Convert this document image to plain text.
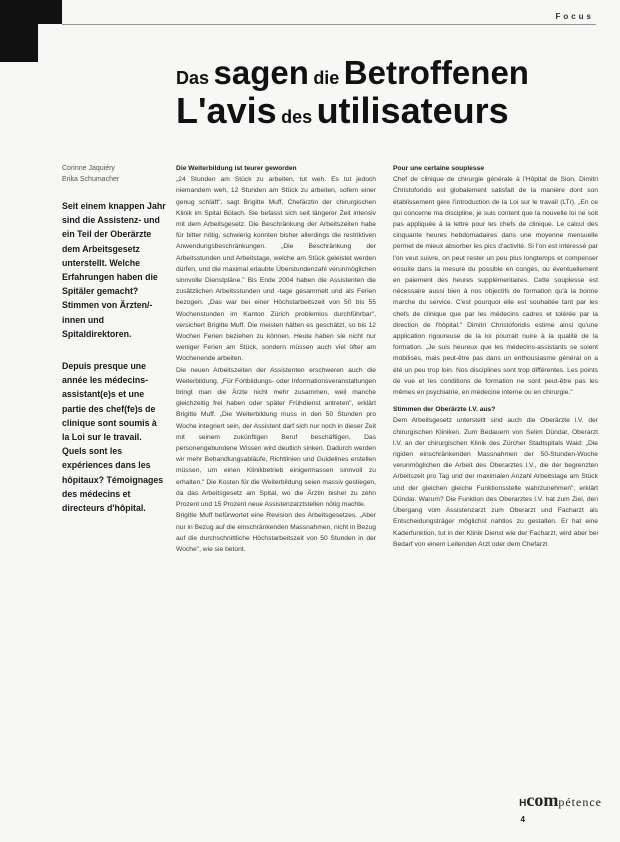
Focus
Das sagen die Betroffenen
L'avis des utilisateurs
Corinne Jaquiéry
Erika Schumacher
Seit einem knappen Jahr sind die Assistenz- und ein Teil der Oberärzte dem Arbeitsgesetz unterstellt. Welche Erfahrungen haben die Spitäler gemacht? Stimmen von Ärzten/-innen und Spitaldirektoren.
Depuis presque une année les médecins-assistant(e)s et une partie des chef(fe)s de clinique sont soumis à la Loi sur le travail. Quels sont les expériences dans les hôpitaux? Témoignages des médecins et directeurs d'hôpital.

Die Weiterbildung ist teurer geworden

„24 Stunden am Stück zu arbeiten, tut weh. Es tut jedoch niemandem weh, 12 Stunden am Stück zu arbeiten, sofern einer genug schläft", sagt Brigitte Muff, Chefärztin der chirurgischen Klinik im Spital Bülach. Sie befasst sich seit längerer Zeit intensiv mit dem Arbeitsgesetz. Die Beschränkung der Arbeitszeiten habe für bitter nötig, schwierig konnten bisher allerdings die restriktiven Anwendungsbeschränkungen. „Die Beschränkung der Arbeitsstunden und Arbeitstage, welche am Stück geleistet werden dürfen, und die maximal erlaubte Überstundenzahl verunmöglichen sinnvolle Dienstpläne." Bis Ende 2004 haben die Assistenten die zusätzlichen Arbeitsstunden und -tage gesammelt und als Ferien bezogen. „Das war bei einer Höchstarbeitszeit von 50 bis 55 Wochenstunden im Kanton Zürich problemlos durchführbar", versichert Brigitte Muff. Die meisten hätten es geschätzt, so bis 12 Wochen Ferien beziehen zu können. Heute haben sie nicht nur weniger Ferien am Stück, sondern müssen auch viel öfter am Wochenende arbeiten.

Die neuen Arbeitszeiten der Assistenten erschweren auch die Weiterbildung. „Für Fortbildungs- oder Informationsveranstaltungen bringt man die Ärzte nicht mehr zusammen, weil manche gleichzeitig frei haben oder später Frühdienst antreten", erklärt Brigitte Muff. „Die Weiterbildung muss in den 50 Stunden pro Woche integriert sein, der Assistent darf sich nur noch in dieser Zeit mit seinem zukünftigen Beruf beschäftigen. Das personengebundene Wissen wird deutlich sinken. Dadurch werden wir mehr Behandlungsabläufe, Richtlinien und Guidelines erstellen müssen, um einen Klinikbetrieb einigermassen sinnvoll zu erhalten." Die Kosten für die Weiterbildung seien massiv gestiegen, da das Arbeitsgesetz am Spital, wo die Ärztin bisher zu zehn Prozent und 15 Prozent neue Assistenzarztstellen nötig machte.

Brigitte Muff befürwortet eine Revision des Arbeitsgesetzes. „Aber nur in Bezug auf die einschränkenden Massnahmen, nicht in Bezug auf die durchschnittliche Höchstarbeitszeit von 50 Stunden in der Woche", wie sie betont.

Pour une certaine souplesse

Chef de clinique de chirurgie générale à l'Hôpital de Sion, Dimitri Christoforidis est globalement satisfait de la manière dont son établissement gère l'introduction de la Loi sur le travail (LTr). „En ce qui concerne ma discipline, je suis content que la nouvelle loi ne soit pas appliquée à la lettre pour les chefs de clinique. Le calcul des cinquante heures hebdomadaires dans une moyenne mensuelle permet de mieux absorber les pics d'activité. Si l'on est intéressé par l'on veut suivre, on peut rester un peu plus longtemps et compenser ensuite dans la mesure du possible en congés, ou éventuellement en paiement des heures supplémentaires. Cette souplesse est nécessaire aussi bien à nos objectifs de formation qu'à la bonne marche du service. C'est pourquoi elle est souhaitée tant par les chefs de clinique que par les médecins cadres et tolérée par la direction de l'hôpital." Dimitri Christoforidis estime ainsi qu'une application rigoureuse de la loi pourrait nuire à la qualité de la formation. „Je suis heureux que les médecins-assistants se soient mobilisés, mais peut-être pas dans un enthousiasme général on a été un peu trop loin. Nos disciplines sont trop différentes. Les points de vue et les conditions de formation ne sont peut-être pas les mêmes en psychiatrie, en médecine interne ou en chirurgie."

Stimmen der Oberärzte l.V. aus?

Dem Arbeitsgesetz unterstellt sind auch die Oberärzte l.V. der chirurgischen Kliniken. Zum Bedauern von Selim Dündar, Oberarzt l.V. an der chirurgischen Klinik des Zürcher Stadtspitals Waid: „Die rigiden einschränkenden Massnahmen der 50-Stunden-Woche verunmöglichen die Arbeit des Oberarztes l.V., die der begrenzten Arbeitszeit pro Tag und der maximalen Anzahl Arbeitstage am Stück und der gleichen gleiche Funktionsstelle wahrzunehmen", erklärt Dündar. Warum? Die Funktion des Oberarztes l.V. hat zum Ziel, den Übergang vom Assistenzarzt zum Oberarzt und Facharzt als Entscheidungsträger möglichst nahtlos zu gestalten. Er hat eine Kaderfunktion, tut in der Klinik Dienst wie der Facharzt, wird aber bei Bedarf von einem Leitenden Arzt oder dem Chefarzt

Hcompétence
4
